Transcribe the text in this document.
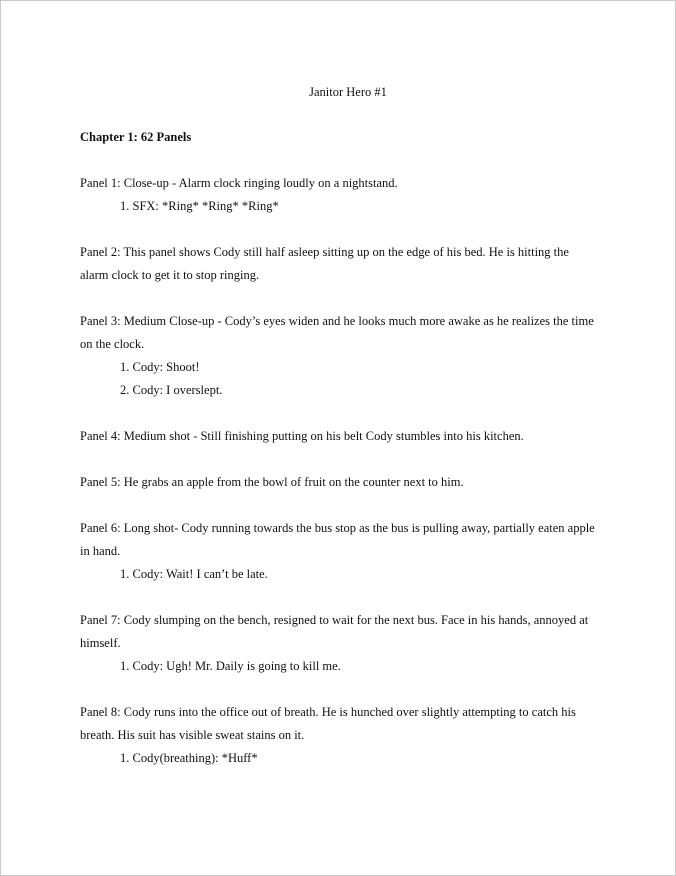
Janitor Hero #1

Chapter 1: 62 Panels

Panel 1: Close-up - Alarm clock ringing loudly on a nightstand.

1. SFX: *Ring* *Ring* *Ring*

Panel 2: This panel shows Cody still half asleep sitting up on the edge of his bed. He is hitting the alarm clock to get it to stop ringing.

Panel 3: Medium Close-up - Cody’s eyes widen and he looks much more awake as he realizes the time on the clock.

1. Cody: Shoot!
2. Cody: I overslept.

Panel 4: Medium shot - Still finishing putting on his belt Cody stumbles into his kitchen.

Panel 5: He grabs an apple from the bowl of fruit on the counter next to him.

Panel 6: Long shot- Cody running towards the bus stop as the bus is pulling away, partially eaten apple in hand.

1. Cody: Wait! I can’t be late.

Panel 7: Cody slumping on the bench, resigned to wait for the next bus. Face in his hands, annoyed at himself.

1. Cody: Ugh! Mr. Daily is going to kill me.

Panel 8: Cody runs into the office out of breath. He is hunched over slightly attempting to catch his breath. His suit has visible sweat stains on it.

1. Cody(breathing): *Huff*
